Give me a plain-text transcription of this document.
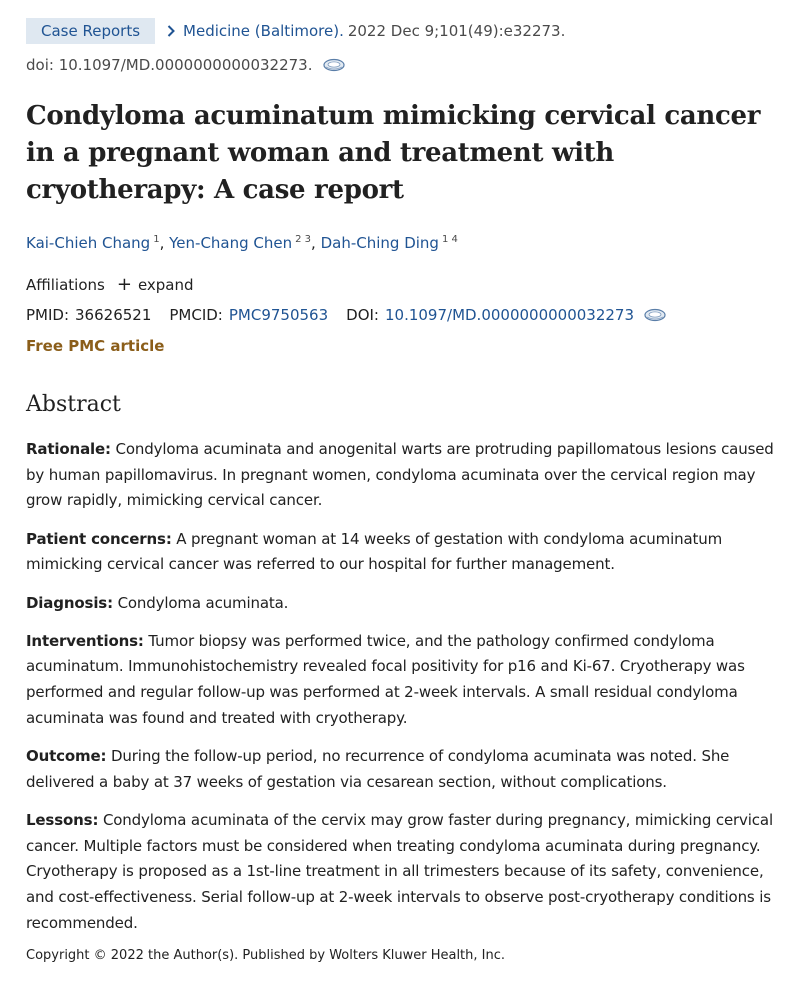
Case Reports	Medicine (Baltimore). 2022 Dec 9;101(49):e32273.
doi: 10.1097/MD.0000000000032273.
Condyloma acuminatum mimicking cervical cancer in a pregnant woman and treatment with cryotherapy: A case report
Kai-Chieh Chang $^1$, Yen-Chang Chen $^{2 3}$, Dah-Ching Ding $^{1 4}$
Affiliations + expand
PMID: 36626521 PMCID: PMC9750563 DOI: 10.1097/MD.0000000000032273
Free PMC article
Abstract

Rationale: Condyloma acuminata and anogenital warts are protruding papillomatous lesions caused by human papillomavirus. In pregnant women, condyloma acuminata over the cervical region may grow rapidly, mimicking cervical cancer.

Patient concerns: A pregnant woman at 14 weeks of gestation with condyloma acuminatum mimicking cervical cancer was referred to our hospital for further management.

Diagnosis: Condyloma acuminata.

Interventions: Tumor biopsy was performed twice, and the pathology confirmed condyloma acuminatum. Immunohistochemistry revealed focal positivity for p16 and Ki-67. Cryotherapy was performed and regular follow-up was performed at 2-week intervals. A small residual condyloma acuminata was found and treated with cryotherapy.

Outcome: During the follow-up period, no recurrence of condyloma acuminata was noted. She delivered a baby at 37 weeks of gestation via cesarean section, without complications.

Lessons: Condyloma acuminata of the cervix may grow faster during pregnancy, mimicking cervical cancer. Multiple factors must be considered when treating condyloma acuminata during pregnancy. Cryotherapy is proposed as a 1st-line treatment in all trimesters because of its safety, convenience, and cost-effectiveness. Serial follow-up at 2-week intervals to observe post-cryotherapy conditions is recommended.

Copyright © 2022 the Author(s). Published by Wolters Kluwer Health, Inc.
